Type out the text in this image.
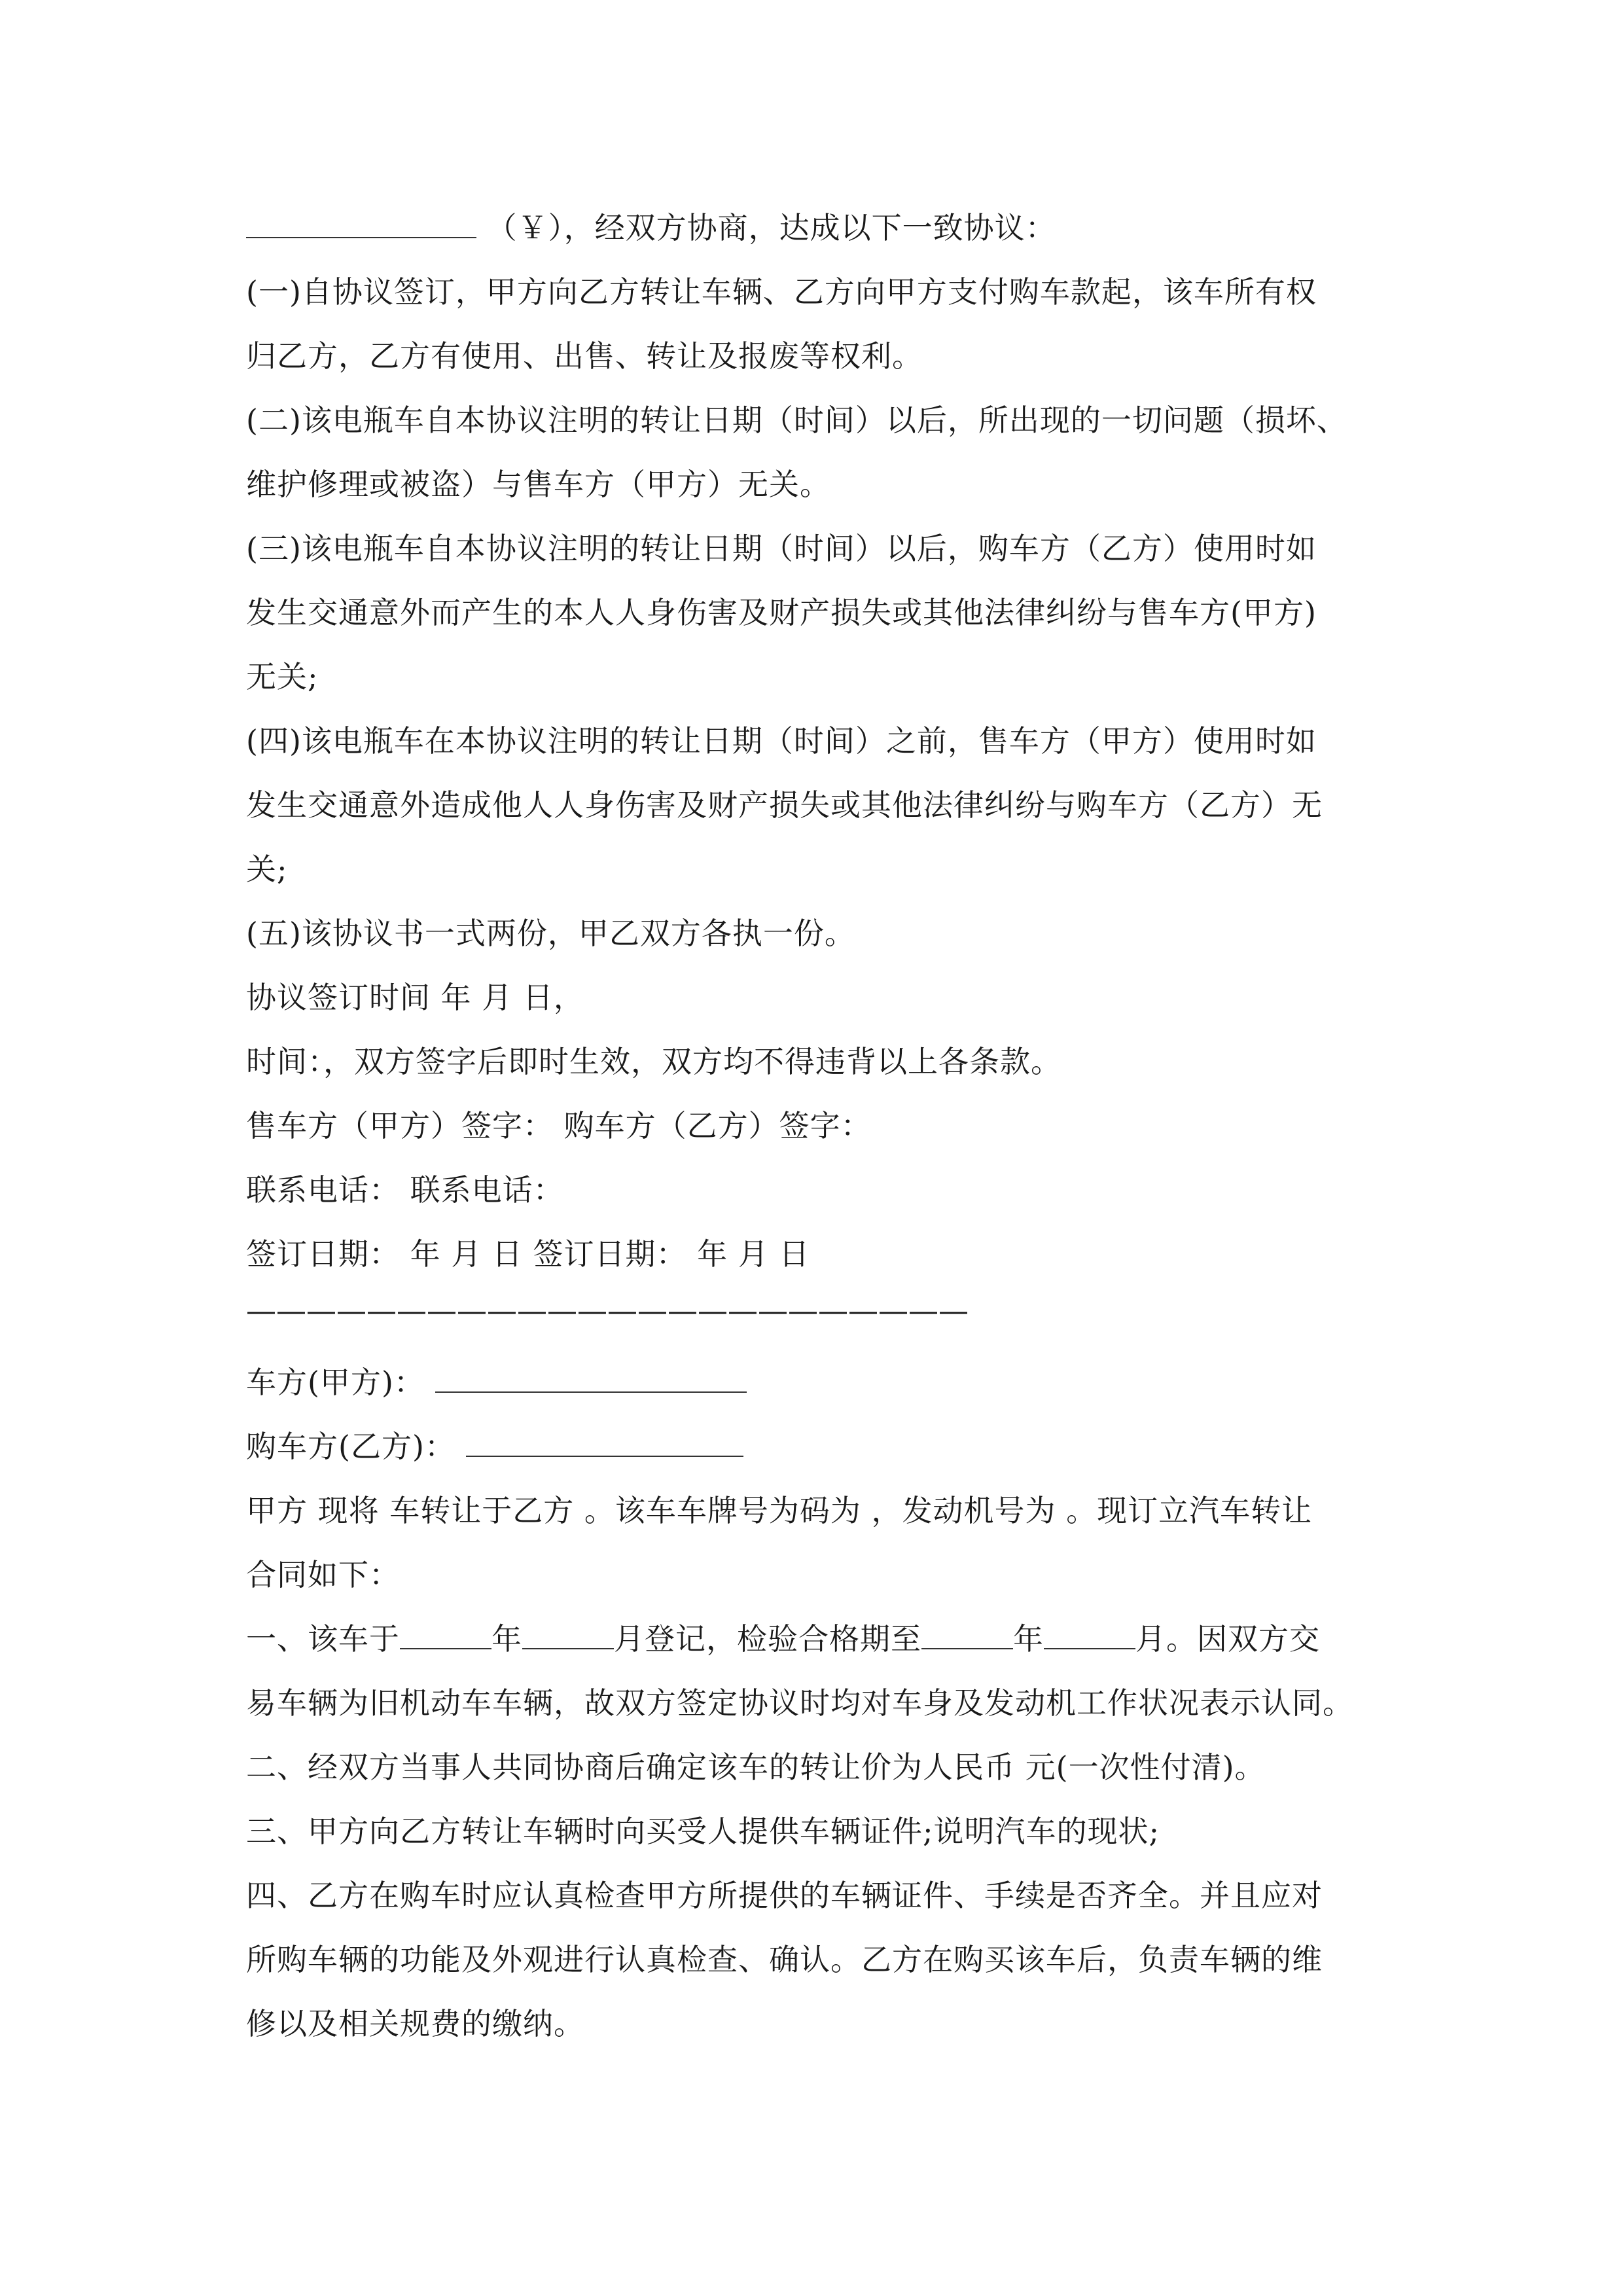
（￥），经双方协商，达成以下一致协议：
(一)自协议签订，甲方向乙方转让车辆、乙方向甲方支付购车款起，该车所有权
归乙方，乙方有使用、出售、转让及报废等权利。
(二)该电瓶车自本协议注明的转让日期（时间）以后，所出现的一切问题（损坏、
维护修理或被盗）与售车方（甲方）无关。
(三)该电瓶车自本协议注明的转让日期（时间）以后，购车方（乙方）使用时如
发生交通意外而产生的本人人身伤害及财产损失或其他法律纠纷与售车方(甲方)
无关;
(四)该电瓶车在本协议注明的转让日期（时间）之前，售车方（甲方）使用时如
发生交通意外造成他人人身伤害及财产损失或其他法律纠纷与购车方（乙方）无
关;
(五)该协议书一式两份，甲乙双方各执一份。
协议签订时间 年 月 日，
时间：，双方签字后即时生效，双方均不得违背以上各条款。
售车方（甲方）签字： 购车方（乙方）签字：
联系电话： 联系电话：
签订日期： 年 月 日 签订日期： 年 月 日
————————————————————————
车方(甲方)：
购车方(乙方)：
甲方 现将 车转让于乙方 。该车车牌号为码为 ，发动机号为 。现订立汽车转让
合同如下：
一、该车于	年	月登记，检验合格期至	年	月。因双方交
易车辆为旧机动车车辆，故双方签定协议时均对车身及发动机工作状况表示认同。
二、经双方当事人共同协商后确定该车的转让价为人民币 元(一次性付清)。
三、甲方向乙方转让车辆时向买受人提供车辆证件;说明汽车的现状;
四、乙方在购车时应认真检查甲方所提供的车辆证件、手续是否齐全。并且应对
所购车辆的功能及外观进行认真检查、确认。乙方在购买该车后，负责车辆的维
修以及相关规费的缴纳。
